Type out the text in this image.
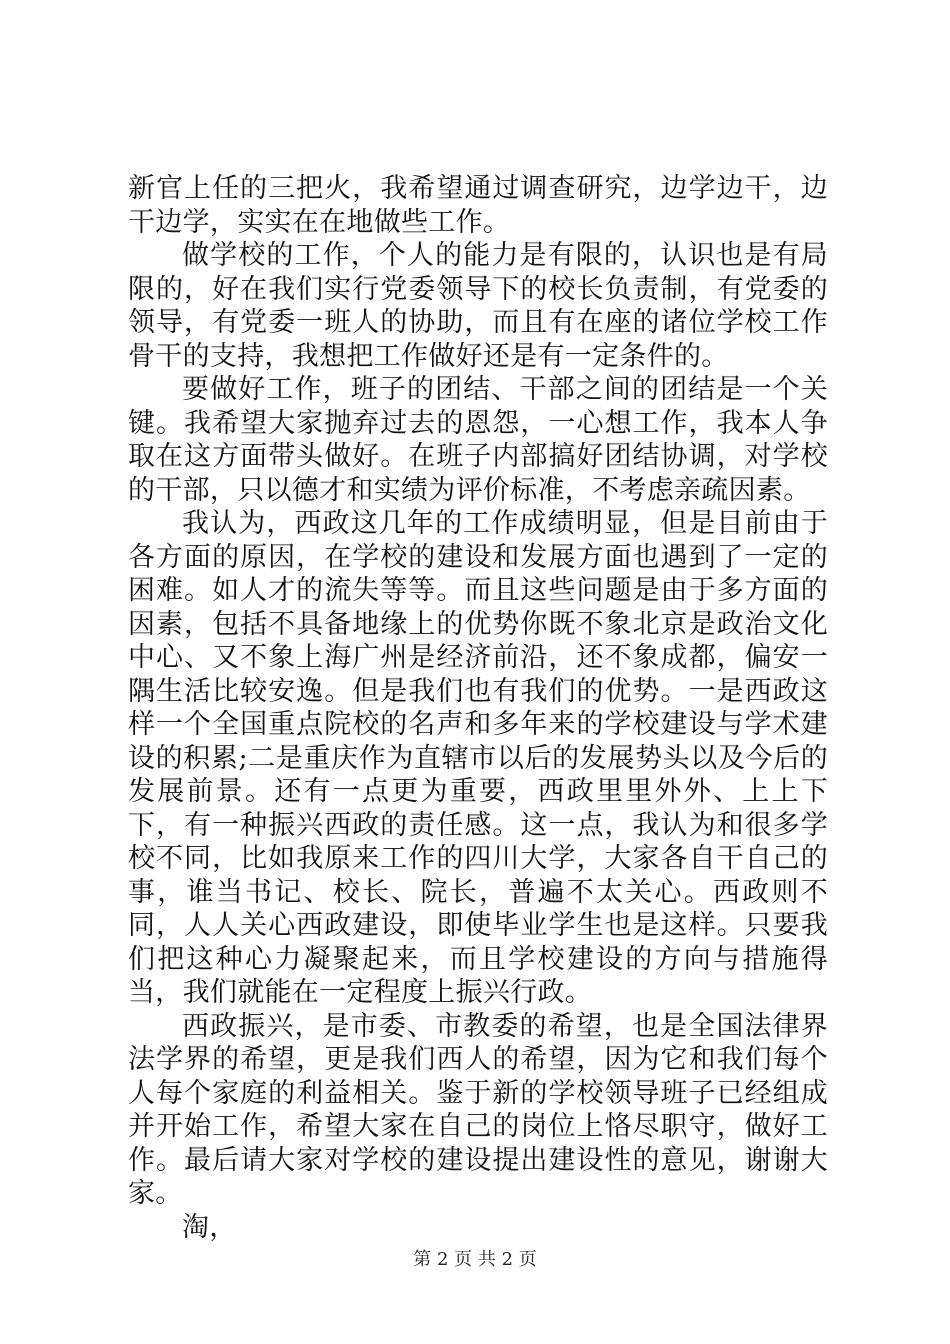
新官上任的三把火，我希望通过调查研究，边学边干，边干边学，实实在在地做些工作。

做学校的工作，个人的能力是有限的，认识也是有局限的，好在我们实行党委领导下的校长负责制，有党委的领导，有党委一班人的协助，而且有在座的诸位学校工作骨干的支持，我想把工作做好还是有一定条件的。

要做好工作，班子的团结、干部之间的团结是一个关键。我希望大家抛弃过去的恩怨，一心想工作，我本人争取在这方面带头做好。在班子内部搞好团结协调，对学校的干部，只以德才和实绩为评价标准，不考虑亲疏因素。

我认为，西政这几年的工作成绩明显，但是目前由于各方面的原因，在学校的建设和发展方面也遇到了一定的困难。如人才的流失等等。而且这些问题是由于多方面的因素，包括不具备地缘上的优势你既不象北京是政治文化中心、又不象上海广州是经济前沿，还不象成都，偏安一隅生活比较安逸。但是我们也有我们的优势。一是西政这样一个全国重点院校的名声和多年来的学校建设与学术建设的积累;二是重庆作为直辖市以后的发展势头以及今后的发展前景。还有一点更为重要，西政里里外外、上上下下，有一种振兴西政的责任感。这一点，我认为和很多学校不同，比如我原来工作的四川大学，大家各自干自己的事，谁当书记、校长、院长，普遍不太关心。西政则不同，人人关心西政建设，即使毕业学生也是这样。只要我们把这种心力凝聚起来，而且学校建设的方向与措施得当，我们就能在一定程度上振兴行政。

西政振兴，是市委、市教委的希望，也是全国法律界法学界的希望，更是我们西人的希望，因为它和我们每个人每个家庭的利益相关。鉴于新的学校领导班子已经组成并开始工作，希望大家在自己的岗位上恪尽职守，做好工作。最后请大家对学校的建设提出建设性的意见，谢谢大家。

淘，

第 2 页 共 2 页
